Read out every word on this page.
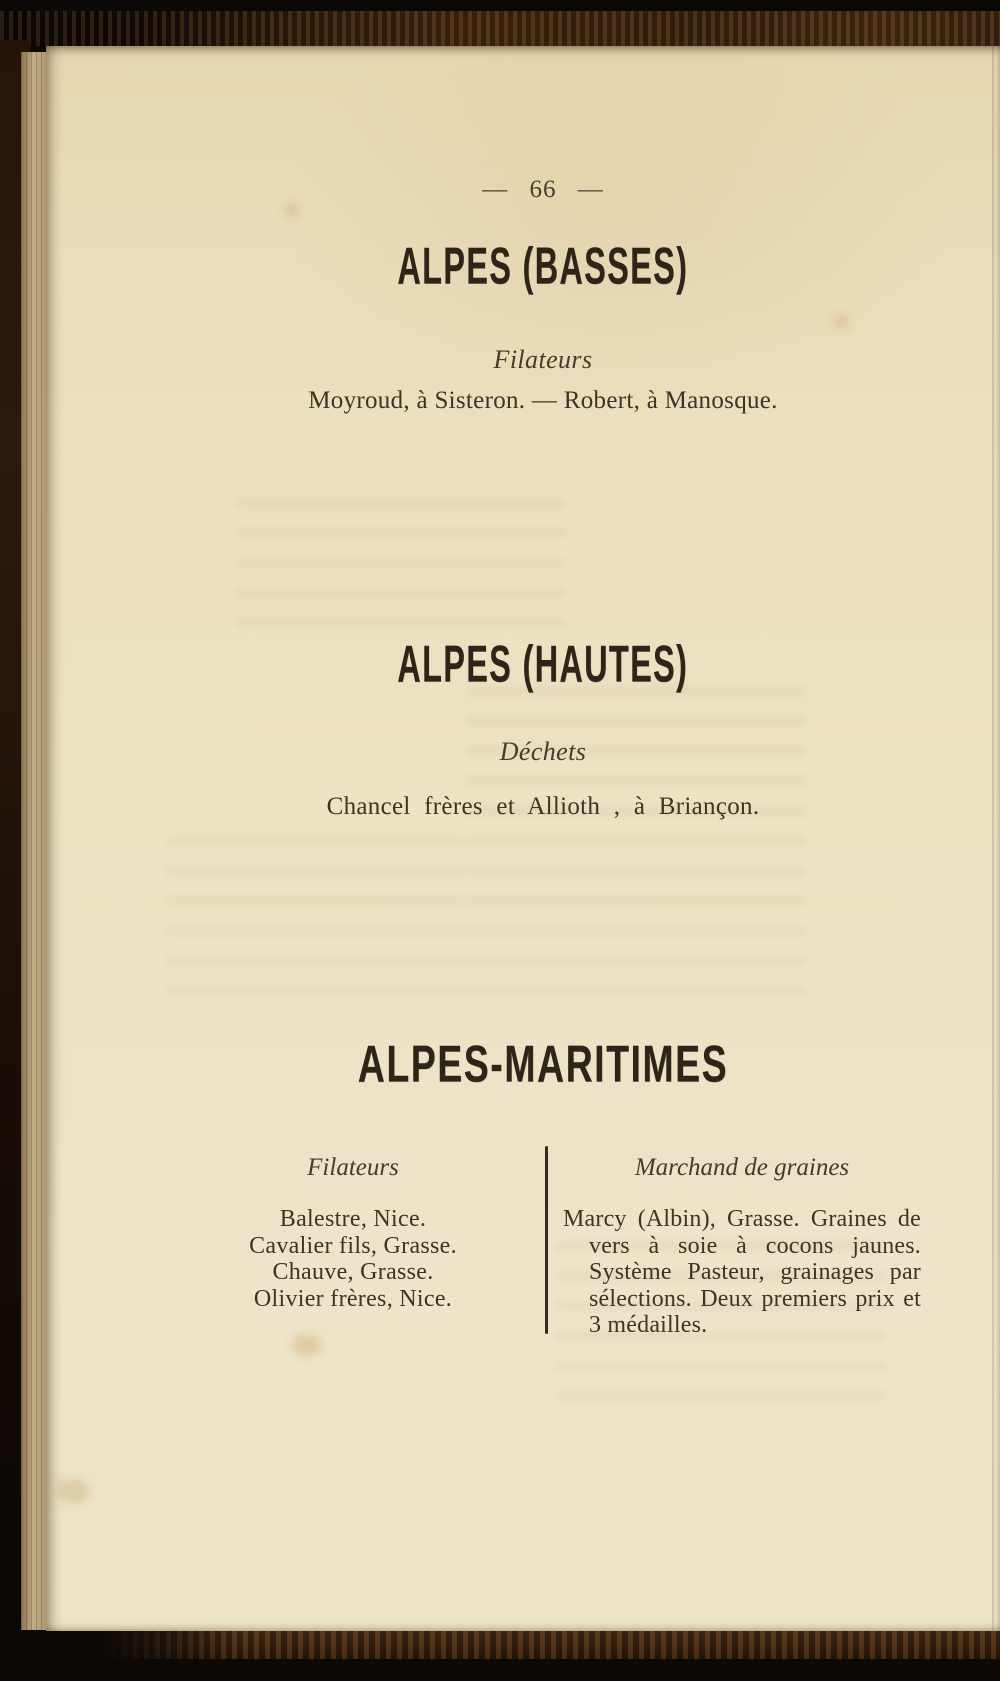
— 66 —
ALPES (BASSES)
Filateurs
Moyroud, à Sisteron. — Robert, à Manosque.
ALPES (HAUTES)
Déchets
Chancel frères et Allioth , à Briançon.
ALPES-MARITIMES
Filateurs
Balestre, Nice.
Cavalier fils, Grasse.
Chauve, Grasse.
Olivier frères, Nice.
Marchand de graines

Marcy (Albin), Grasse. Graines de vers à soie à cocons jaunes. Système Pasteur, grainages par sélections. Deux premiers prix et 3 médailles.
